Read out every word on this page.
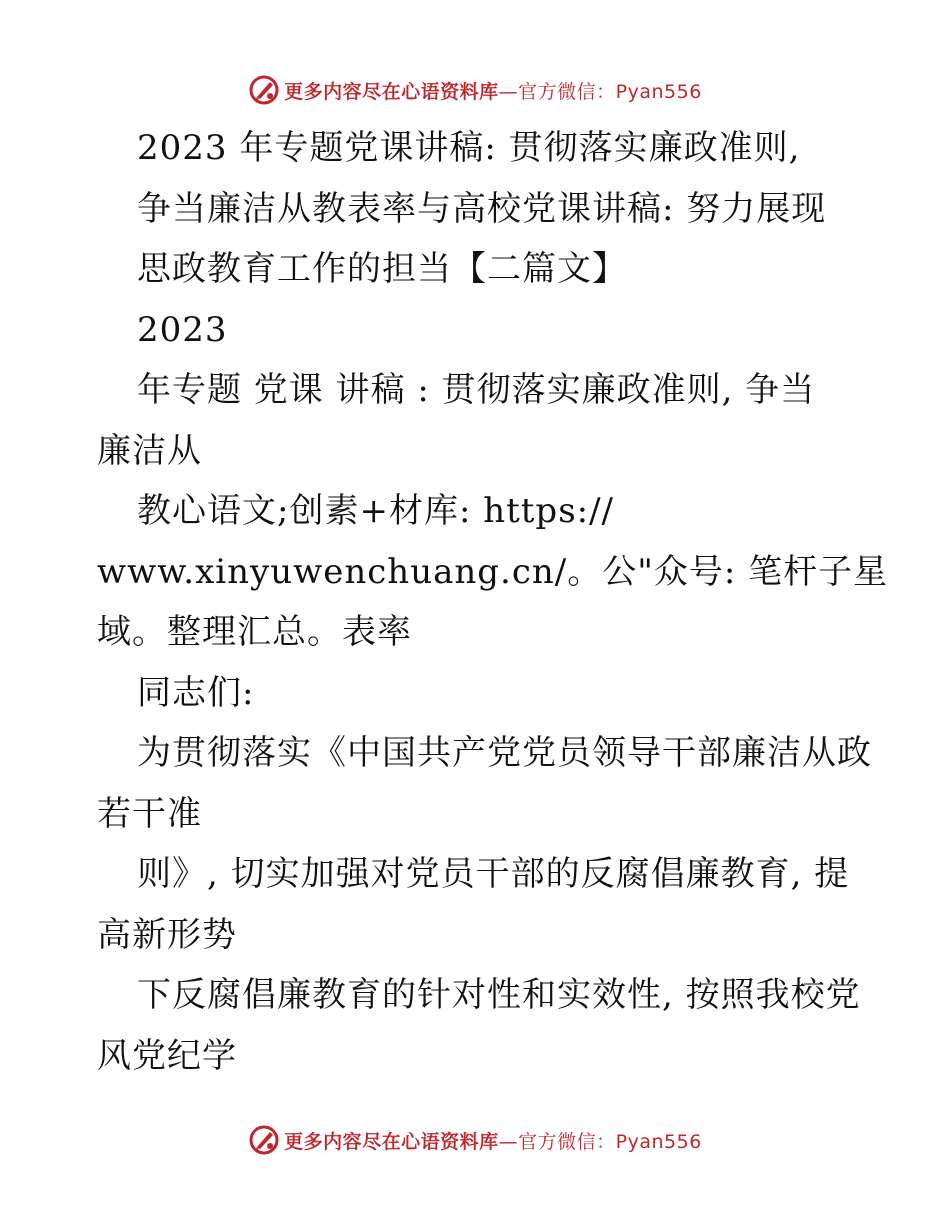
更多内容尽在心语资料库—官方微信：Pyan556
2023 年专题党课讲稿: 贯彻落实廉政准则,
争当廉洁从教表率与高校党课讲稿: 努力展现
思政教育工作的担当【二篇文】
2023
年专题 党课 讲稿 : 贯彻落实廉政准则, 争当
廉洁从
教心语文;创素+材库: https://
www.xinyuwenchuang.cn/。公"众号: 笔杆子星
域。整理汇总。表率
同志们:
为贯彻落实《中国共产党党员领导干部廉洁从政
若干准
则》, 切实加强对党员干部的反腐倡廉教育, 提
高新形势
下反腐倡廉教育的针对性和实效性, 按照我校党
风党纪学
更多内容尽在心语资料库—官方微信：Pyan556
